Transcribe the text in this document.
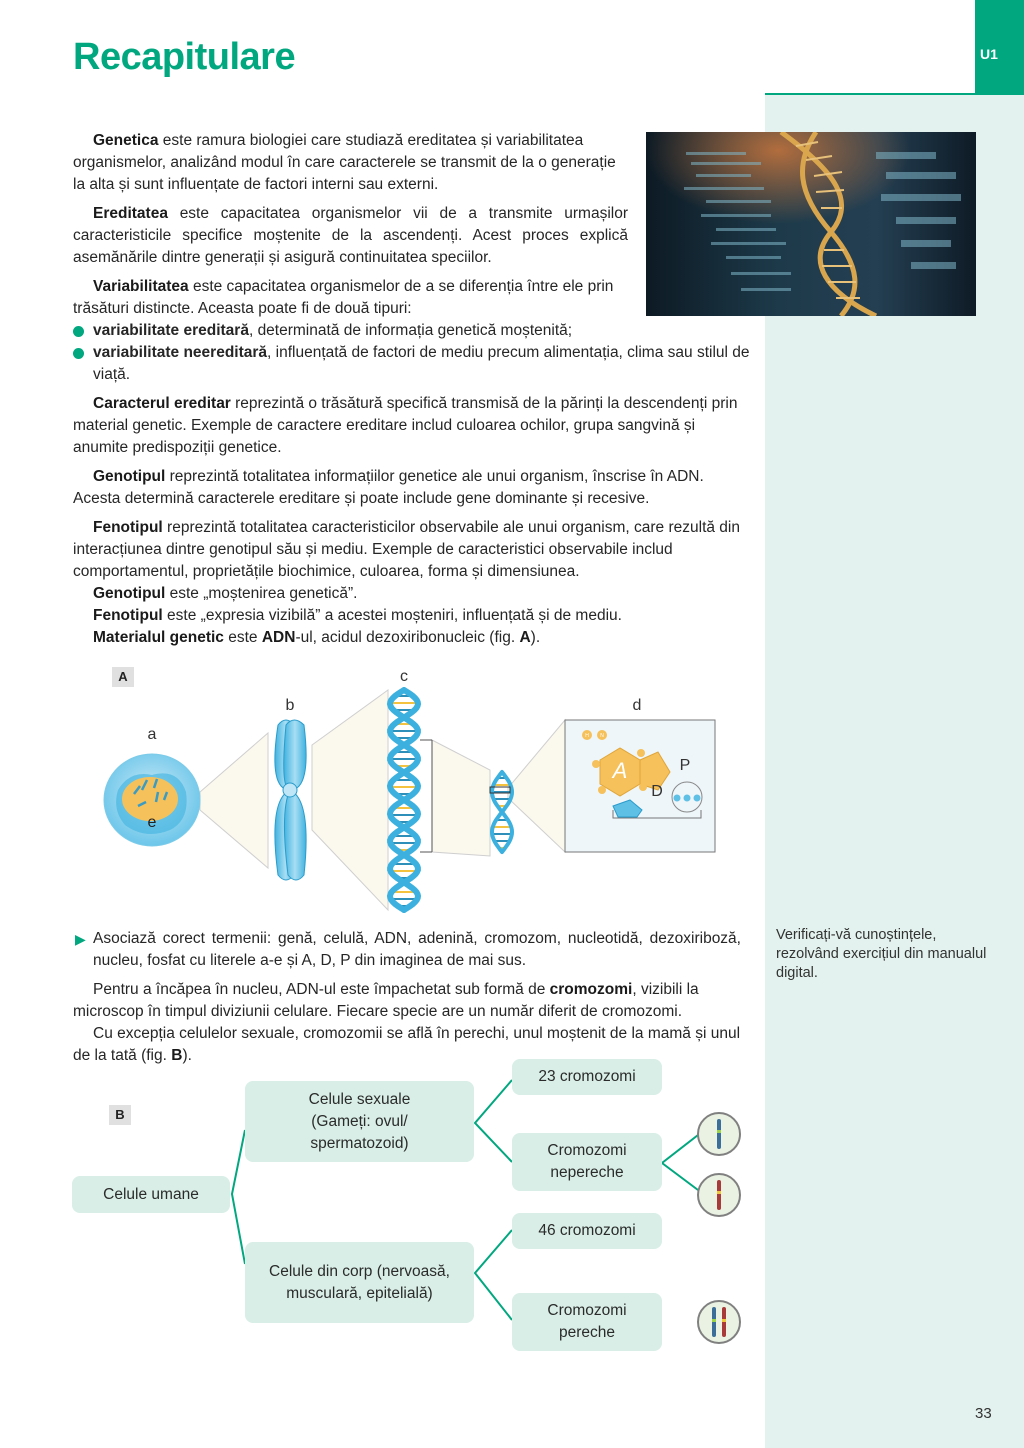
U1
Recapitulare

Genetica este ramura biologiei care studiază ereditatea și variabilitatea organismelor, analizând modul în care caracterele se transmit de la o generație la alta și sunt influențate de factori interni sau externi.

Ereditatea este capacitatea organismelor vii de a transmite urmașilor caracteristicile specifice moștenite de la ascendenți. Acest proces explică asemănările dintre generații și asigură continuitatea speciilor.

Variabilitatea este capacitatea organismelor de a se diferenția între ele prin trăsături distincte. Aceasta poate fi de două tipuri:

variabilitate ereditară, determinată de informația genetică moștenită;
variabilitate neereditară, influențată de factori de mediu precum alimentația, clima sau stilul de viață.

Caracterul ereditar reprezintă o trăsătură specifică transmisă de la părinți la descendenți prin material genetic. Exemple de caractere ereditare includ culoarea ochilor, grupa sangvină și anumite predispoziții genetice.

Genotipul reprezintă totalitatea informațiilor genetice ale unui organism, înscrise în ADN. Acesta determină caracterele ereditare și poate include gene dominante și recesive.

Fenotipul reprezintă totalitatea caracteristicilor observabile ale unui organism, care rezultă din interacțiunea dintre genotipul său și mediu. Exemple de caracteristici observabile includ comportamentul, proprietățile biochimice, culoarea, forma și dimensiunea.

Genotipul este „moștenirea genetică”.

Fenotipul este „expresia vizibilă” a acestei moșteniri, influențată și de mediu.

Materialul genetic este ADN-ul, acidul dezoxiribonucleic (fig. A).

A
H N
A
D
P
a
e
b
c
d
▶ Asociază corect termenii: genă, celulă, ADN, adenină, cromozom, nucleotidă, dezoxiriboză, nucleu, fosfat cu literele a-e și A, D, P din imaginea de mai sus.

Pentru a încăpea în nucleu, ADN-ul este împachetat sub formă de cromozomi, vizibili la microscop în timpul diviziunii celulare. Fiecare specie are un număr diferit de cromozomi.

Cu excepția celulelor sexuale, cromozomii se află în perechi, unul moștenit de la mamă și unul de la tată (fig. B).

Verificați-vă cunoștințele, rezolvând exercițiul din manualul digital.
B
Celule umane
Celule sexuale (Gameți: ovul/ spermatozoid)
Celule din corp (nervoasă, musculară, epitelială)
23 cromozomi
Cromozomi nepereche
46 cromozomi
Cromozomi pereche
33
